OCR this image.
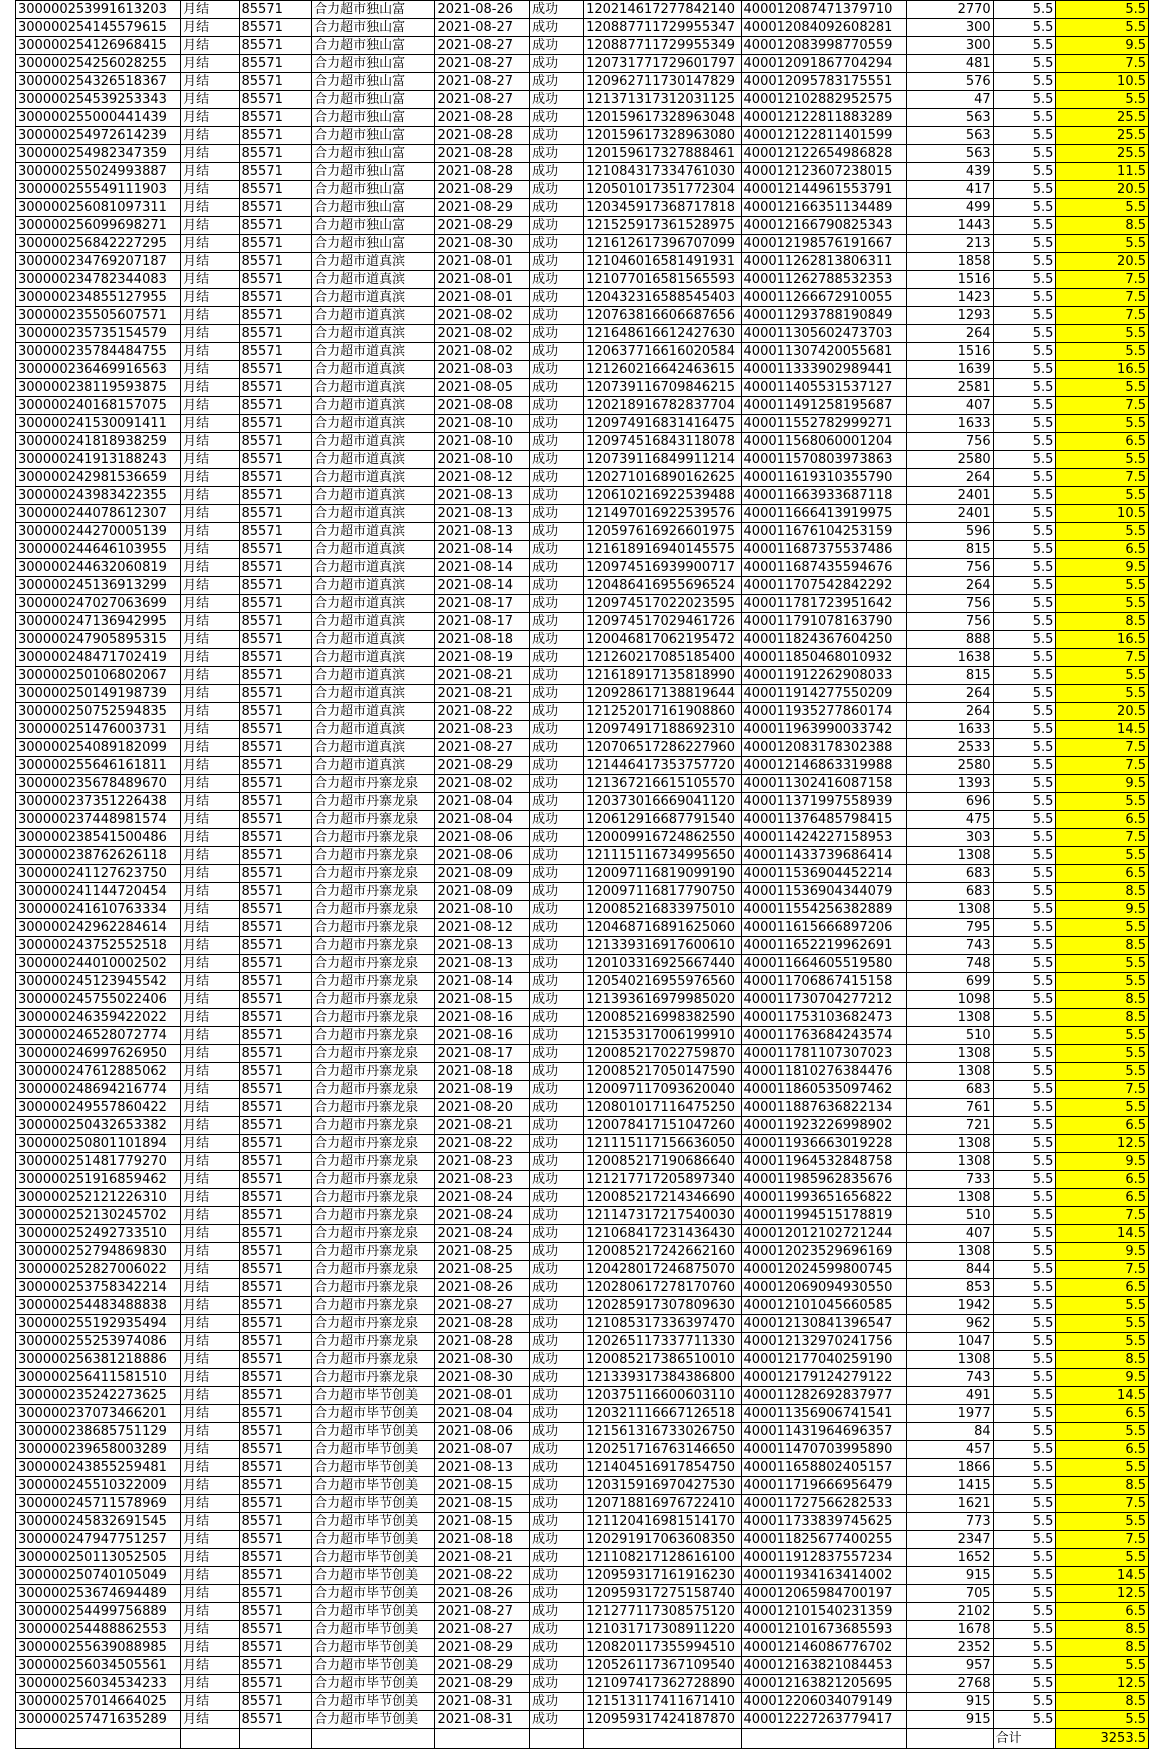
300000253991613203	月结	85571	合力超市独山富	2021-08-26	成功	120214617277842140	400012087471379710	2770	5.5	5.5
300000254145579615	月结	85571	合力超市独山富	2021-08-27	成功	120887711729955347	400012084092608281	300	5.5	5.5
300000254126968415	月结	85571	合力超市独山富	2021-08-27	成功	120887711729955349	400012083998770559	300	5.5	9.5
300000254256028255	月结	85571	合力超市独山富	2021-08-27	成功	120731771729601797	400012091867704294	481	5.5	7.5
300000254326518367	月结	85571	合力超市独山富	2021-08-27	成功	120962711730147829	400012095783175551	576	5.5	10.5
300000254539253343	月结	85571	合力超市独山富	2021-08-27	成功	121371317312031125	400012102882952575	47	5.5	5.5
300000255000441439	月结	85571	合力超市独山富	2021-08-28	成功	120159617328963048	400012122811883289	563	5.5	25.5
300000254972614239	月结	85571	合力超市独山富	2021-08-28	成功	120159617328963080	400012122811401599	563	5.5	25.5
300000254982347359	月结	85571	合力超市独山富	2021-08-28	成功	120159617327888461	400012122654986828	563	5.5	25.5
300000255024993887	月结	85571	合力超市独山富	2021-08-28	成功	121084317334761030	400012123607238015	439	5.5	11.5
300000255549111903	月结	85571	合力超市独山富	2021-08-29	成功	120501017351772304	400012144961553791	417	5.5	20.5
300000256081097311	月结	85571	合力超市独山富	2021-08-29	成功	120345917368717818	400012166351134489	499	5.5	5.5
300000256099698271	月结	85571	合力超市独山富	2021-08-29	成功	121525917361528975	400012166790825343	1443	5.5	8.5
300000256842227295	月结	85571	合力超市独山富	2021-08-30	成功	121612617396707099	400012198576191667	213	5.5	5.5
300000234769207187	月结	85571	合力超市道真滨	2021-08-01	成功	121046016581491931	400011262813806311	1858	5.5	20.5
300000234782344083	月结	85571	合力超市道真滨	2021-08-01	成功	121077016581565593	400011262788532353	1516	5.5	7.5
300000234855127955	月结	85571	合力超市道真滨	2021-08-01	成功	120432316588545403	400011266672910055	1423	5.5	7.5
300000235505607571	月结	85571	合力超市道真滨	2021-08-02	成功	120763816606687656	400011293788190849	1293	5.5	7.5
300000235735154579	月结	85571	合力超市道真滨	2021-08-02	成功	121648616612427630	400011305602473703	264	5.5	5.5
300000235784484755	月结	85571	合力超市道真滨	2021-08-02	成功	120637716616020584	400011307420055681	1516	5.5	5.5
300000236469916563	月结	85571	合力超市道真滨	2021-08-03	成功	121260216642463615	400011333902989441	1639	5.5	16.5
300000238119593875	月结	85571	合力超市道真滨	2021-08-05	成功	120739116709846215	400011405531537127	2581	5.5	5.5
300000240168157075	月结	85571	合力超市道真滨	2021-08-08	成功	120218916782837704	400011491258195687	407	5.5	7.5
300000241530091411	月结	85571	合力超市道真滨	2021-08-10	成功	120974916831416475	400011552782999271	1633	5.5	5.5
300000241818938259	月结	85571	合力超市道真滨	2021-08-10	成功	120974516843118078	400011568060001204	756	5.5	6.5
300000241913188243	月结	85571	合力超市道真滨	2021-08-10	成功	120739116849911214	400011570803973863	2580	5.5	5.5
300000242981536659	月结	85571	合力超市道真滨	2021-08-12	成功	120271016890162625	400011619310355790	264	5.5	7.5
300000243983422355	月结	85571	合力超市道真滨	2021-08-13	成功	120610216922539488	400011663933687118	2401	5.5	5.5
300000244078612307	月结	85571	合力超市道真滨	2021-08-13	成功	121497016922539576	400011666413919975	2401	5.5	10.5
300000244270005139	月结	85571	合力超市道真滨	2021-08-13	成功	120597616926601975	400011676104253159	596	5.5	5.5
300000244646103955	月结	85571	合力超市道真滨	2021-08-14	成功	121618916940145575	400011687375537486	815	5.5	6.5
300000244632060819	月结	85571	合力超市道真滨	2021-08-14	成功	120974516939900717	400011687435594676	756	5.5	9.5
300000245136913299	月结	85571	合力超市道真滨	2021-08-14	成功	120486416955696524	400011707542842292	264	5.5	5.5
300000247027063699	月结	85571	合力超市道真滨	2021-08-17	成功	120974517022023595	400011781723951642	756	5.5	5.5
300000247136942995	月结	85571	合力超市道真滨	2021-08-17	成功	120974517029461726	400011791078163790	756	5.5	8.5
300000247905895315	月结	85571	合力超市道真滨	2021-08-18	成功	120046817062195472	400011824367604250	888	5.5	16.5
300000248471702419	月结	85571	合力超市道真滨	2021-08-19	成功	121260217085185400	400011850468010932	1638	5.5	7.5
300000250106802067	月结	85571	合力超市道真滨	2021-08-21	成功	121618917135818990	400011912262908033	815	5.5	5.5
300000250149198739	月结	85571	合力超市道真滨	2021-08-21	成功	120928617138819644	400011914277550209	264	5.5	5.5
300000250752594835	月结	85571	合力超市道真滨	2021-08-22	成功	121252017161908860	400011935277860174	264	5.5	20.5
300000251476003731	月结	85571	合力超市道真滨	2021-08-23	成功	120974917188692310	400011963990033742	1633	5.5	14.5
300000254089182099	月结	85571	合力超市道真滨	2021-08-27	成功	120706517286227960	400012083178302388	2533	5.5	7.5
300000255646161811	月结	85571	合力超市道真滨	2021-08-29	成功	121446417353757720	400012146863319988	2580	5.5	7.5
300000235678489670	月结	85571	合力超市丹寨龙泉	2021-08-02	成功	121367216615105570	400011302416087158	1393	5.5	9.5
300000237351226438	月结	85571	合力超市丹寨龙泉	2021-08-04	成功	120373016669041120	400011371997558939	696	5.5	5.5
300000237448981574	月结	85571	合力超市丹寨龙泉	2021-08-04	成功	120612916687791540	400011376485798415	475	5.5	6.5
300000238541500486	月结	85571	合力超市丹寨龙泉	2021-08-06	成功	120009916724862550	400011424227158953	303	5.5	7.5
300000238762626118	月结	85571	合力超市丹寨龙泉	2021-08-06	成功	121115116734995650	400011433739686414	1308	5.5	5.5
300000241127623750	月结	85571	合力超市丹寨龙泉	2021-08-09	成功	120097116819099190	400011536904452214	683	5.5	6.5
300000241144720454	月结	85571	合力超市丹寨龙泉	2021-08-09	成功	120097116817790750	400011536904344079	683	5.5	8.5
300000241610763334	月结	85571	合力超市丹寨龙泉	2021-08-10	成功	120085216833975010	400011554256382889	1308	5.5	9.5
300000242962284614	月结	85571	合力超市丹寨龙泉	2021-08-12	成功	120468716891625060	400011615666897206	795	5.5	5.5
300000243752552518	月结	85571	合力超市丹寨龙泉	2021-08-13	成功	121339316917600610	400011652219962691	743	5.5	8.5
300000244010002502	月结	85571	合力超市丹寨龙泉	2021-08-13	成功	120103316925667440	400011664605519580	748	5.5	5.5
300000245123945542	月结	85571	合力超市丹寨龙泉	2021-08-14	成功	120540216955976560	400011706867415158	699	5.5	5.5
300000245755022406	月结	85571	合力超市丹寨龙泉	2021-08-15	成功	121393616979985020	400011730704277212	1098	5.5	8.5
300000246359422022	月结	85571	合力超市丹寨龙泉	2021-08-16	成功	120085216998382590	400011753103682473	1308	5.5	8.5
300000246528072774	月结	85571	合力超市丹寨龙泉	2021-08-16	成功	121535317006199910	400011763684243574	510	5.5	5.5
300000246997626950	月结	85571	合力超市丹寨龙泉	2021-08-17	成功	120085217022759870	400011781107307023	1308	5.5	5.5
300000247612885062	月结	85571	合力超市丹寨龙泉	2021-08-18	成功	120085217050147590	400011810276384476	1308	5.5	5.5
300000248694216774	月结	85571	合力超市丹寨龙泉	2021-08-19	成功	120097117093620040	400011860535097462	683	5.5	7.5
300000249557860422	月结	85571	合力超市丹寨龙泉	2021-08-20	成功	120801017116475250	400011887636822134	761	5.5	5.5
300000250432653382	月结	85571	合力超市丹寨龙泉	2021-08-21	成功	120078417151047260	400011923226998902	721	5.5	6.5
300000250801101894	月结	85571	合力超市丹寨龙泉	2021-08-22	成功	121115117156636050	400011936663019228	1308	5.5	12.5
300000251481779270	月结	85571	合力超市丹寨龙泉	2021-08-23	成功	120085217190686640	400011964532848758	1308	5.5	9.5
300000251916859462	月结	85571	合力超市丹寨龙泉	2021-08-23	成功	121217717205897340	400011985962835676	733	5.5	6.5
300000252121226310	月结	85571	合力超市丹寨龙泉	2021-08-24	成功	120085217214346690	400011993651656822	1308	5.5	6.5
300000252130245702	月结	85571	合力超市丹寨龙泉	2021-08-24	成功	121147317217540030	400011994515178819	510	5.5	7.5
300000252492733510	月结	85571	合力超市丹寨龙泉	2021-08-24	成功	121068417231436430	400012012102721244	407	5.5	14.5
300000252794869830	月结	85571	合力超市丹寨龙泉	2021-08-25	成功	120085217242662160	400012023529696169	1308	5.5	9.5
300000252827006022	月结	85571	合力超市丹寨龙泉	2021-08-25	成功	120428017246875070	400012024599800745	844	5.5	7.5
300000253758342214	月结	85571	合力超市丹寨龙泉	2021-08-26	成功	120280617278170760	400012069094930550	853	5.5	6.5
300000254483488838	月结	85571	合力超市丹寨龙泉	2021-08-27	成功	120285917307809630	400012101045660585	1942	5.5	5.5
300000255192935494	月结	85571	合力超市丹寨龙泉	2021-08-28	成功	121085317336397470	400012130841396547	962	5.5	5.5
300000255253974086	月结	85571	合力超市丹寨龙泉	2021-08-28	成功	120265117337711330	400012132970241756	1047	5.5	5.5
300000256381218886	月结	85571	合力超市丹寨龙泉	2021-08-30	成功	120085217386510010	400012177040259190	1308	5.5	8.5
300000256411581510	月结	85571	合力超市丹寨龙泉	2021-08-30	成功	121339317384386800	400012179124279122	743	5.5	9.5
300000235242273625	月结	85571	合力超市毕节创美	2021-08-01	成功	120375116600603110	400011282692837977	491	5.5	14.5
300000237073466201	月结	85571	合力超市毕节创美	2021-08-04	成功	120321116667126518	400011356906741541	1977	5.5	6.5
300000238685751129	月结	85571	合力超市毕节创美	2021-08-06	成功	121561316733026750	400011431964696357	84	5.5	5.5
300000239658003289	月结	85571	合力超市毕节创美	2021-08-07	成功	120251716763146650	400011470703995890	457	5.5	6.5
300000243855259481	月结	85571	合力超市毕节创美	2021-08-13	成功	121404516917854750	400011658802405157	1866	5.5	5.5
300000245510322009	月结	85571	合力超市毕节创美	2021-08-15	成功	120315916970427530	400011719666956479	1415	5.5	8.5
300000245711578969	月结	85571	合力超市毕节创美	2021-08-15	成功	120718816976722410	400011727566282533	1621	5.5	7.5
300000245832691545	月结	85571	合力超市毕节创美	2021-08-15	成功	121120416981514170	400011733839745625	773	5.5	5.5
300000247947751257	月结	85571	合力超市毕节创美	2021-08-18	成功	120291917063608350	400011825677400255	2347	5.5	7.5
300000250113052505	月结	85571	合力超市毕节创美	2021-08-21	成功	121108217128616100	400011912837557234	1652	5.5	5.5
300000250740105049	月结	85571	合力超市毕节创美	2021-08-22	成功	120959317161916230	400011934163414002	915	5.5	14.5
300000253674694489	月结	85571	合力超市毕节创美	2021-08-26	成功	120959317275158740	400012065984700197	705	5.5	12.5
300000254499756889	月结	85571	合力超市毕节创美	2021-08-27	成功	121277117308575120	400012101540231359	2102	5.5	6.5
300000254488862553	月结	85571	合力超市毕节创美	2021-08-27	成功	121031717308911220	400012101673685593	1678	5.5	8.5
300000255639088985	月结	85571	合力超市毕节创美	2021-08-29	成功	120820117355994510	400012146086776702	2352	5.5	8.5
300000256034505561	月结	85571	合力超市毕节创美	2021-08-29	成功	120526117367109540	400012163821084453	957	5.5	5.5
300000256034534233	月结	85571	合力超市毕节创美	2021-08-29	成功	121097417362728890	400012163821205695	2768	5.5	12.5
300000257014664025	月结	85571	合力超市毕节创美	2021-08-31	成功	121513117411671410	400012206034079149	915	5.5	8.5
300000257471635289	月结	85571	合力超市毕节创美	2021-08-31	成功	120959317424187870	400012227263779417	915	5.5	5.5
									合计	3253.5
